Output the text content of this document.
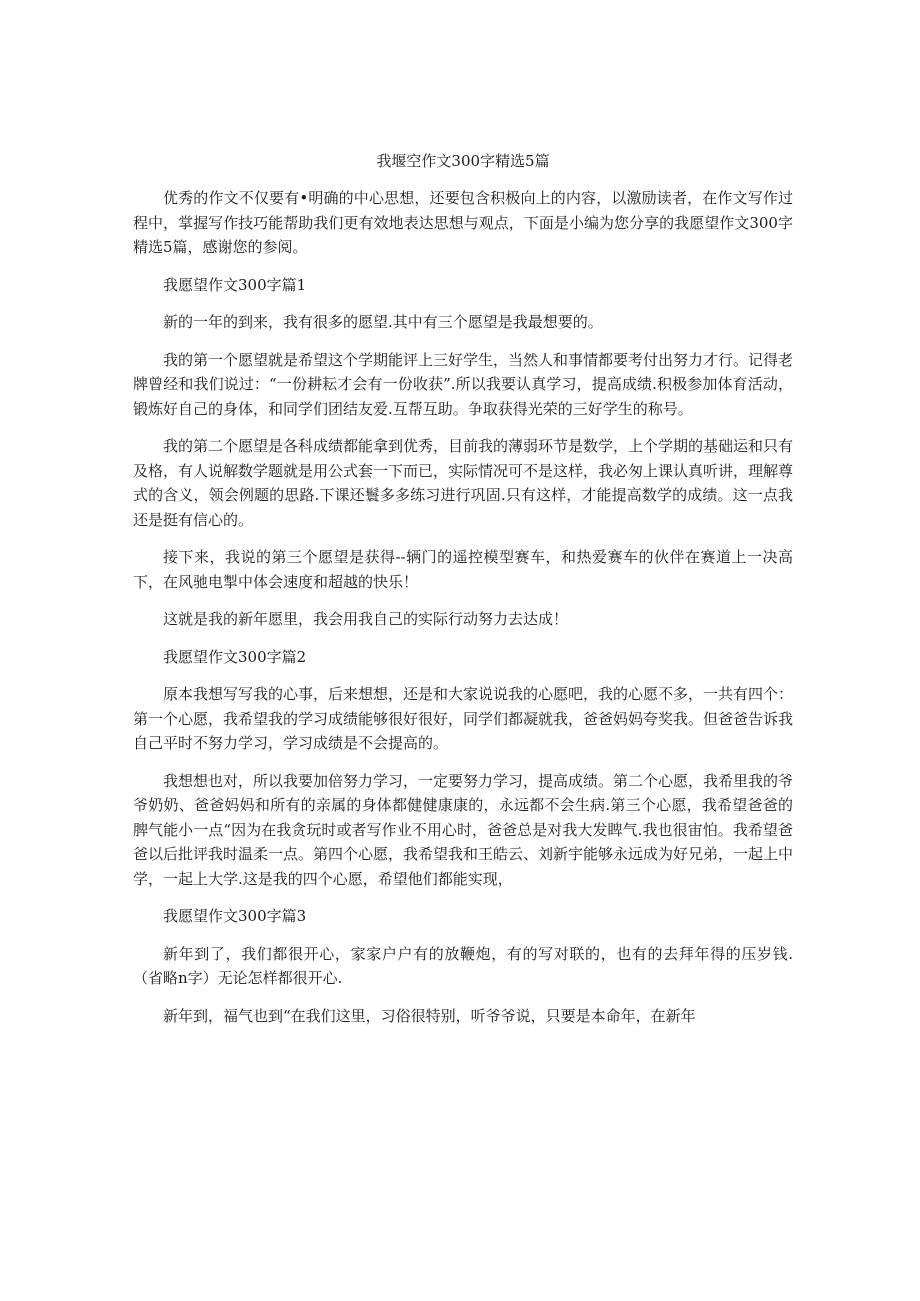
我堰空作文300字精选5篇

优秀的作文不仅要有•明确的中心思想，还要包含积极向上的内容，以激励读者，在作文写作过程中，掌握写作技巧能帮助我们更有效地表达思想与观点，下面是小编为您分享的我愿望作文300字精选5篇，感谢您的参阅。

我愿望作文300字篇1

新的一年的到来，我有很多的愿望.其中有三个愿望是我最想要的。

我的第一个愿望就是希望这个学期能评上三好学生，当然人和事情都要考付出努力才行。记得老牌曾经和我们说过：“一份耕耘才会有一份收获”.所以我要认真学习，提高成绩.积极参加体育活动，锻炼好自己的身体，和同学们团结友爱.互帮互助。争取获得光荣的三好学生的称号。

我的第二个愿望是各科成绩都能拿到优秀，目前我的薄弱环节是数学，上个学期的基础运和只有及格，有人说解数学题就是用公式套一下而已，实际情况可不是这样，我必匆上课认真听讲，理解尊式的含义，领会例题的思路.下课还鬟多多练习进行巩固.只有这样，才能提高数学的成绩。这一点我还是挺有信心的。

接下来，我说的第三个愿望是获得--辆门的遥控模型赛车，和热爱赛车的伙伴在赛道上一决高下，在风驰电掣中体会速度和超越的快乐！

这就是我的新年愿里，我会用我自己的实际行动努力去达成！

我愿望作文300字篇2

原本我想写写我的心事，后来想想，还是和大家说说我的心愿吧，我的心愿不多，一共有四个：第一个心愿，我希望我的学习成绩能够很好很好，同学们都凝就我，爸爸妈妈夸奖我。但爸爸告诉我自己平时不努力学习，学习成绩是不会提高的。

我想想也对，所以我要加倍努力学习，一定要努力学习，提高成绩。第二个心愿，我希里我的爷爷奶奶、爸爸妈妈和所有的亲属的身体都健健康康的，永远都不会生病.第三个心愿，我希望爸爸的脾气能小一点“因为在我贪玩时或者写作业不用心时，爸爸总是对我大发睥气.我也很宙怕。我希望爸爸以后批评我时温柔一点。第四个心愿，我希望我和王皓云、刘新宇能够永远成为好兄弟，一起上中学，一起上大学.这是我的四个心愿，希望他们都能实现，

我愿望作文300字篇3

新年到了，我们都很开心，家家户户有的放鞭炮，有的写对联的，也有的去拜年得的压岁钱.（省略n字）无论怎样都很开心.

新年到，福气也到“在我们这里，习俗很特别，听爷爷说，只要是本命年，在新年
